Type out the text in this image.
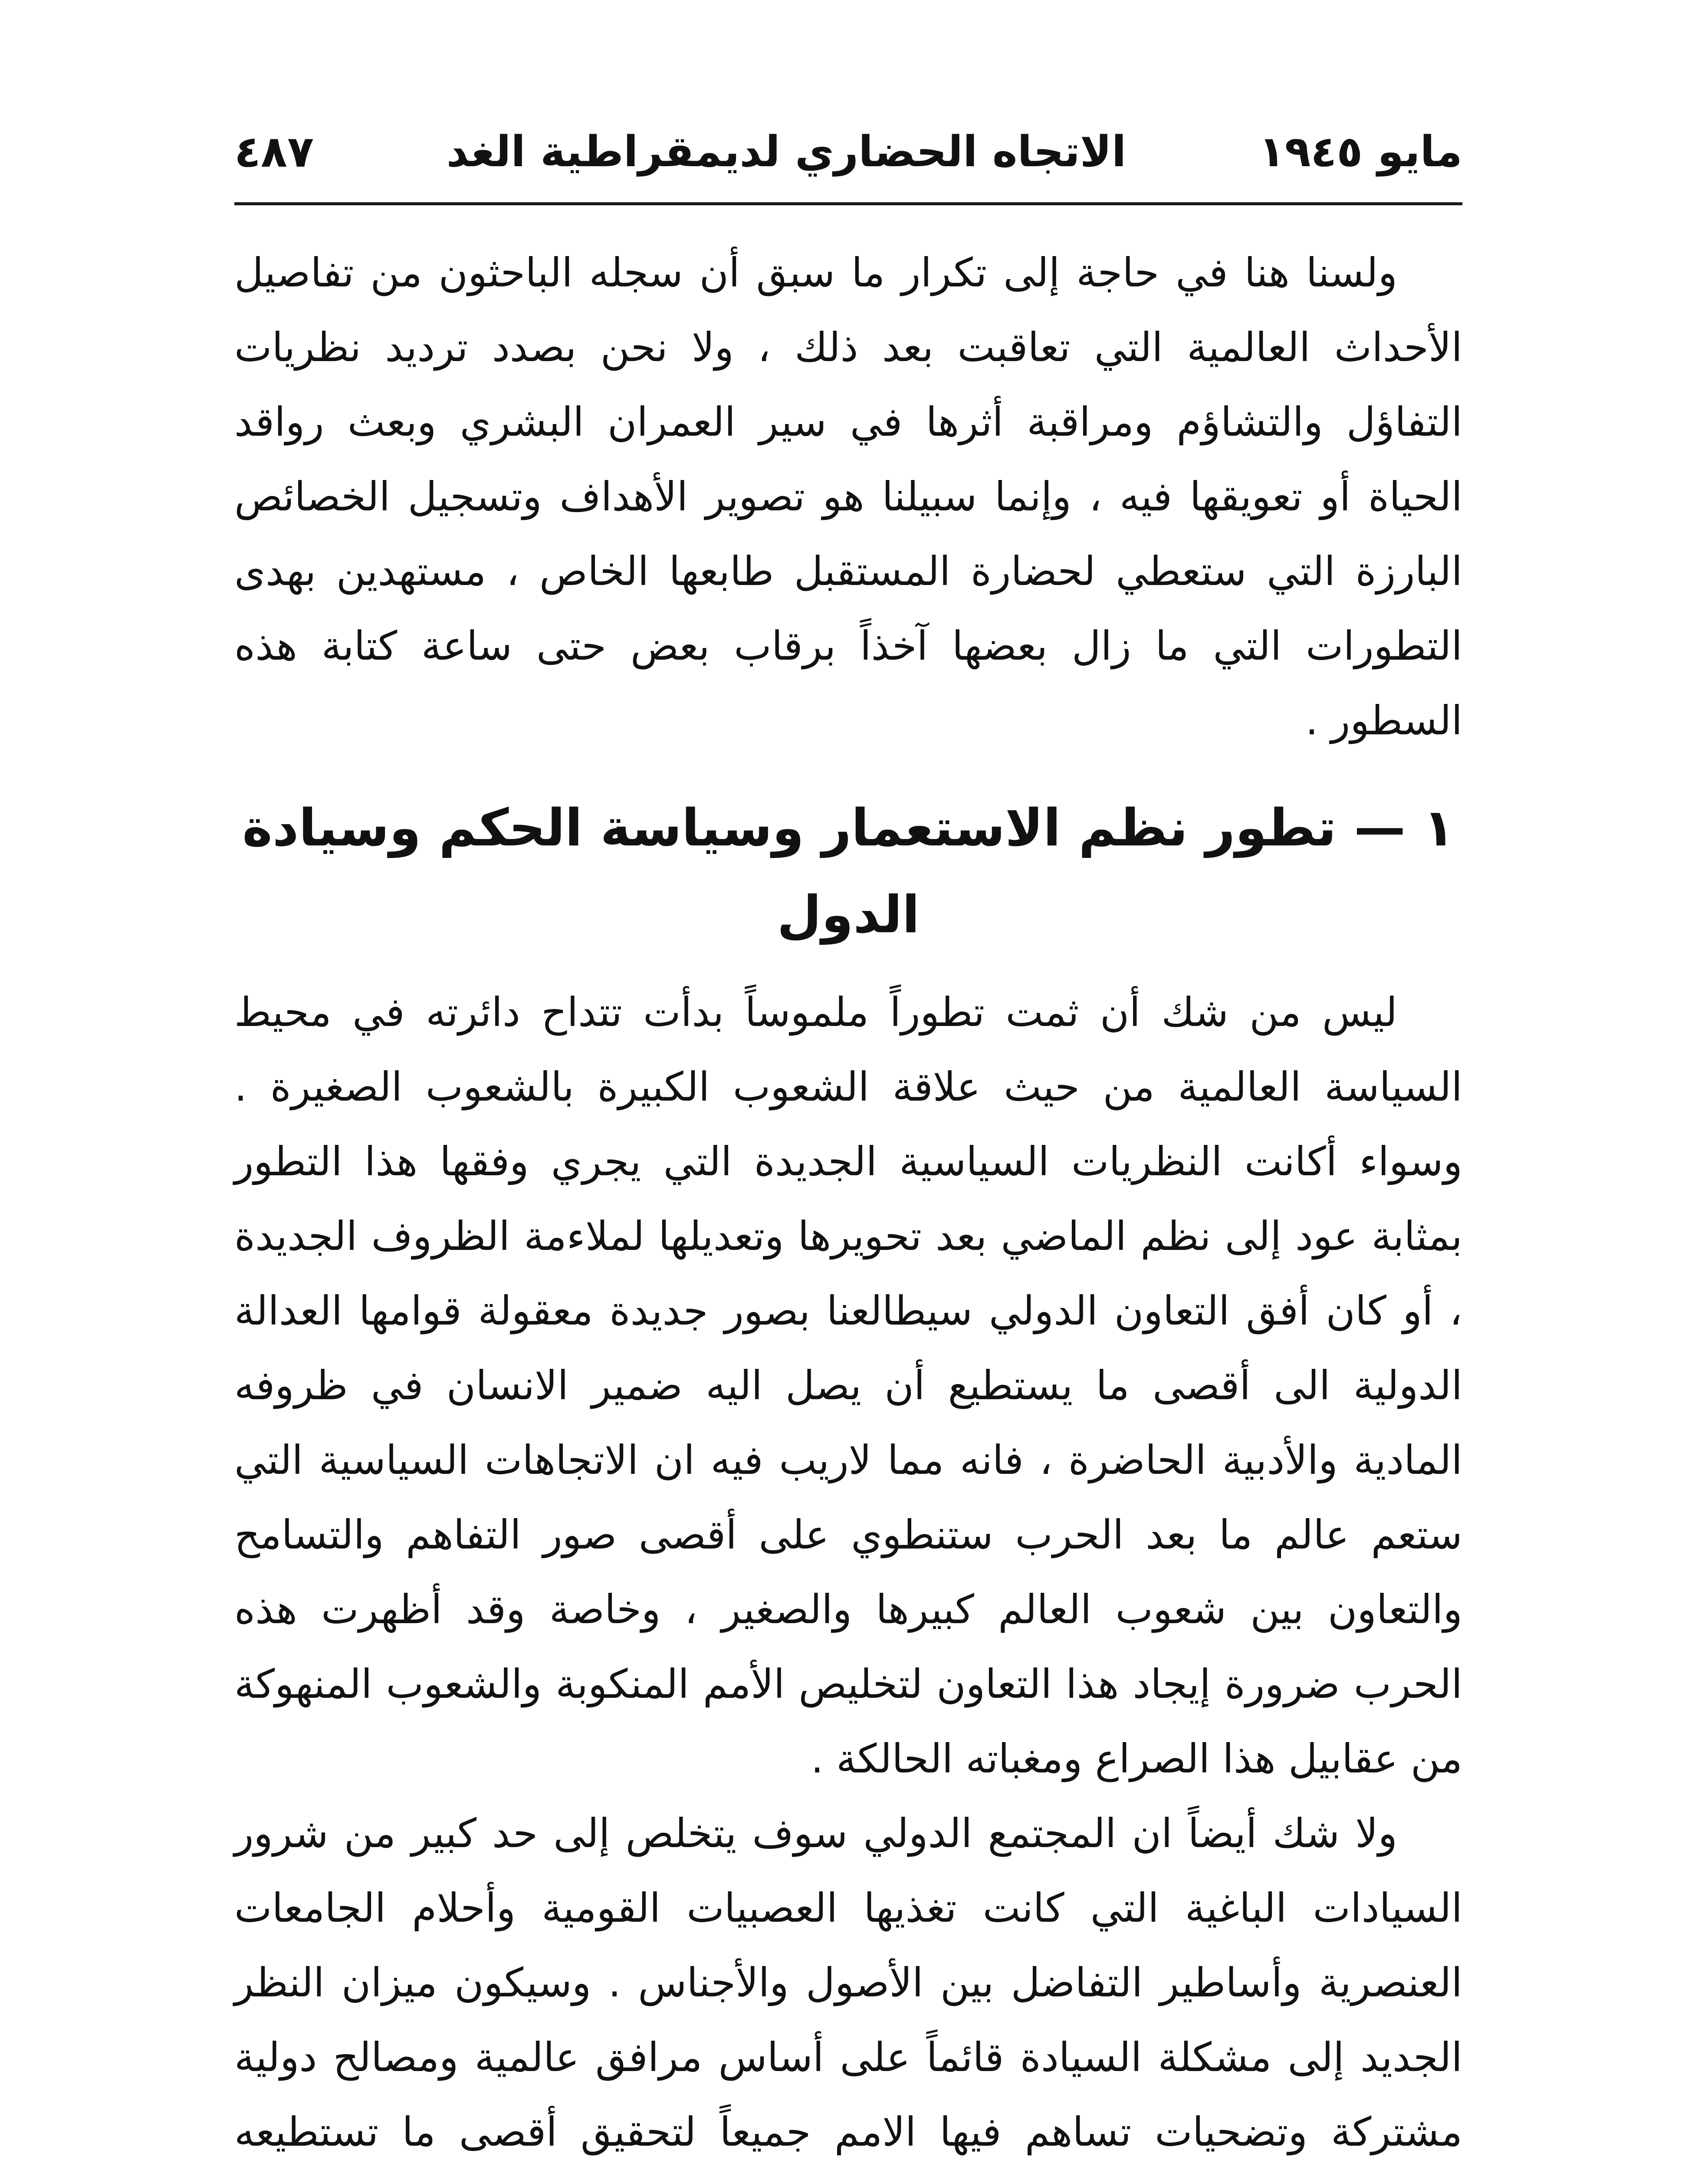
مايو ١٩٤٥
الاتجاه الحضاري لديمقراطية الغد
٤٨٧

ولسنا هنا في حاجة إلى تكرار ما سبق أن سجله الباحثون من تفاصيل الأحداث العالمية التي تعاقبت بعد ذلك ، ولا نحن بصدد ترديد نظريات التفاؤل والتشاؤم ومراقبة أثرها في سير العمران البشري وبعث رواقد الحياة أو تعويقها فيه ، وإنما سبيلنا هو تصوير الأهداف وتسجيل الخصائص البارزة التي ستعطي لحضارة المستقبل طابعها الخاص ، مستهدين بهدى التطورات التي ما زال بعضها آخذاً برقاب بعض حتى ساعة كتابة هذه السطور .

١ — تطور نظم الاستعمار وسياسة الحكم وسيادة الدول

ليس من شك أن ثمت تطوراً ملموساً بدأت تتداح دائرته في محيط السياسة العالمية من حيث علاقة الشعوب الكبيرة بالشعوب الصغيرة . وسواء أكانت النظريات السياسية الجديدة التي يجري وفقها هذا التطور بمثابة عود إلى نظم الماضي بعد تحويرها وتعديلها لملاءمة الظروف الجديدة ، أو كان أفق التعاون الدولي سيطالعنا بصور جديدة معقولة قوامها العدالة الدولية الى أقصى ما يستطيع أن يصل اليه ضمير الانسان في ظروفه المادية والأدبية الحاضرة ، فانه مما لاريب فيه ان الاتجاهات السياسية التي ستعم عالم ما بعد الحرب ستنطوي على أقصى صور التفاهم والتسامح والتعاون بين شعوب العالم كبيرها والصغير ، وخاصة وقد أظهرت هذه الحرب ضرورة إيجاد هذا التعاون لتخليص الأمم المنكوبة والشعوب المنهوكة من عقابيل هذا الصراع ومغباته الحالكة .

ولا شك أيضاً ان المجتمع الدولي سوف يتخلص إلى حد كبير من شرور السيادات الباغية التي كانت تغذيها العصبيات القومية وأحلام الجامعات العنصرية وأساطير التفاضل بين الأصول والأجناس . وسيكون ميزان النظر الجديد إلى مشكلة السيادة قائماً على أساس مرافق عالمية ومصالح دولية مشتركة وتضحيات تساهم فيها الامم جميعاً لتحقيق أقصى ما تستطيعه
